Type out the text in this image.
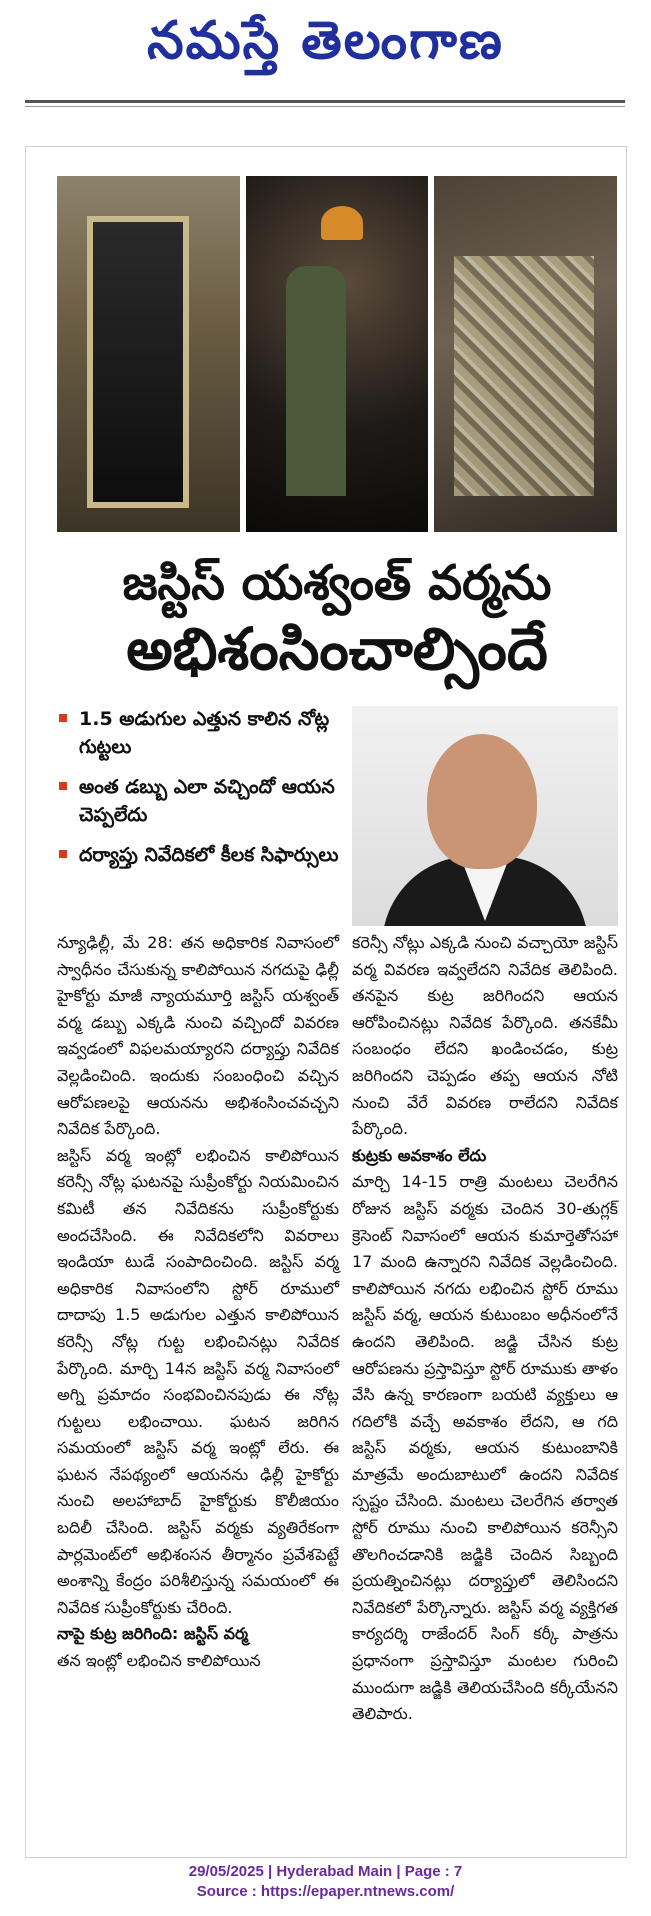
నమస్తే తెలంగాణ
జస్టిస్ యశ్వంత్ వర్మను
అభిశంసించాల్సిందే
1.5 అడుగుల ఎత్తున కాలిన నోట్ల గుట్టలు
అంత డబ్బు ఎలా వచ్చిందో ఆయన చెప్పలేదు
దర్యాప్తు నివేదికలో కీలక సిఫార్సులు

న్యూఢిల్లీ, మే 28: తన అధికారిక నివాసంలో స్వాధీనం చేసుకున్న కాలిపోయిన నగదుపై ఢిల్లీ హైకోర్టు మాజీ న్యాయమూర్తి జస్టిస్ యశ్వంత్ వర్మ డబ్బు ఎక్కడి నుంచి వచ్చిందో వివరణ ఇవ్వడంలో విఫలమయ్యారని దర్యాప్తు నివేదిక వెల్లడించింది. ఇందుకు సంబంధించి వచ్చిన ఆరోపణలపై ఆయనను అభిశంసించవచ్చని నివేదిక పేర్కొంది.

జస్టిస్ వర్మ ఇంట్లో లభించిన కాలిపోయిన కరెన్సీ నోట్ల ఘటనపై సుప్రీంకోర్టు నియమించిన కమిటీ తన నివేదికను సుప్రీంకోర్టుకు అందచేసింది. ఈ నివేదికలోని వివరాలు ఇండియా టుడే సంపాదించింది. జస్టిస్ వర్మ అధికారిక నివాసంలోని స్టోర్ రూములో దాదాపు 1.5 అడుగుల ఎత్తున కాలిపోయిన కరెన్సీ నోట్ల గుట్ట లభించినట్లు నివేదిక పేర్కొంది. మార్చి 14న జస్టిస్ వర్మ నివాసంలో అగ్ని ప్రమాదం సంభవించినపుడు ఈ నోట్ల గుట్టలు లభించాయి. ఘటన జరిగిన సమయంలో జస్టిస్ వర్మ ఇంట్లో లేరు. ఈ ఘటన నేపథ్యంలో ఆయనను ఢిల్లీ హైకోర్టు నుంచి అలహాబాద్ హైకోర్టుకు కొలీజియం బదిలీ చేసింది. జస్టిస్ వర్మకు వ్యతిరేకంగా పార్లమెంట్‌లో అభిశంసన తీర్మానం ప్రవేశపెట్టే అంశాన్ని కేంద్రం పరిశీలిస్తున్న సమయంలో ఈ నివేదిక సుప్రీంకోర్టుకు చేరింది.

నాపై కుట్ర జరిగింది: జస్టిస్ వర్మ

తన ఇంట్లో లభించిన కాలిపోయిన

కరెన్సీ నోట్లు ఎక్కడి నుంచి వచ్చాయో జస్టిస్ వర్మ వివరణ ఇవ్వలేదని నివేదిక తెలిపింది. తనపైన కుట్ర జరిగిందని ఆయన ఆరోపించినట్లు నివేదిక పేర్కొంది. తనకేమీ సంబంధం లేదని ఖండించడం, కుట్ర జరిగిందని చెప్పడం తప్ప ఆయన నోటి నుంచి వేరే వివరణ రాలేదని నివేదిక పేర్కొంది.

కుట్రకు అవకాశం లేదు

మార్చి 14-15 రాత్రి మంటలు చెలరేగిన రోజున జస్టిస్ వర్మకు చెందిన 30-తుగ్లక్ క్రెసెంట్ నివాసంలో ఆయన కుమార్తెతోసహా 17 మంది ఉన్నారని నివేదిక వెల్లడించింది. కాలిపోయిన నగదు లభించిన స్టోర్ రూము జస్టిస్ వర్మ, ఆయన కుటుంబం అధీనంలోనే ఉందని తెలిపింది. జడ్జి చేసిన కుట్ర ఆరోపణను ప్రస్తావిస్తూ స్టోర్ రూముకు తాళం వేసి ఉన్న కారణంగా బయటి వ్యక్తులు ఆ గదిలోకి వచ్చే అవకాశం లేదని, ఆ గది జస్టిస్ వర్మకు, ఆయన కుటుంబానికి మాత్రమే అందుబాటులో ఉందని నివేదిక స్పష్టం చేసింది. మంటలు చెలరేగిన తర్వాత స్టోర్ రూము నుంచి కాలిపోయిన కరెన్సీని తొలగించడానికి జడ్జికి చెందిన సిబ్బంది ప్రయత్నించినట్లు దర్యాప్తులో తెలిసిందని నివేదికలో పేర్కొన్నారు. జస్టిస్ వర్మ వ్యక్తిగత కార్యదర్శి రాజేందర్ సింగ్ కర్కీ పాత్రను ప్రధానంగా ప్రస్తావిస్తూ మంటల గురించి ముందుగా జడ్జికి తెలియచేసింది కర్కీయేనని తెలిపారు.

29/05/2025 | Hyderabad Main | Page : 7
Source : https://epaper.ntnews.com/
